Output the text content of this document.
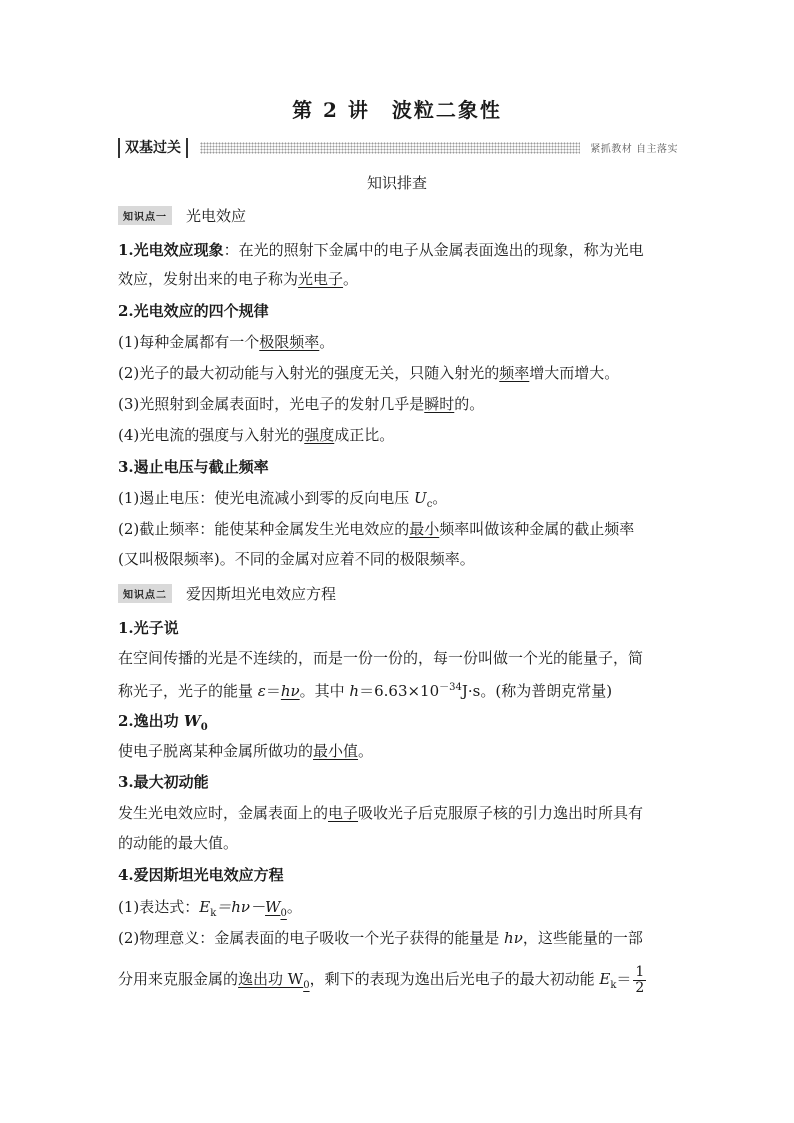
第 2 讲 波粒二象性
双基过关	紧抓教材 自主落实
知识排查
知识点一	光电效应
1.光电效应现象：在光的照射下金属中的电子从金属表面逸出的现象，称为光电
效应，发射出来的电子称为光电子。
2.光电效应的四个规律
(1)每种金属都有一个极限频率。
(2)光子的最大初动能与入射光的强度无关，只随入射光的频率增大而增大。
(3)光照射到金属表面时，光电子的发射几乎是瞬时的。
(4)光电流的强度与入射光的强度成正比。
3.遏止电压与截止频率
(1)遏止电压：使光电流减小到零的反向电压 $U_c$。
(2)截止频率：能使某种金属发生光电效应的最小频率叫做该种金属的截止频率
(又叫极限频率)。不同的金属对应着不同的极限频率。
知识点二	爱因斯坦光电效应方程
1.光子说
在空间传播的光是不连续的，而是一份一份的，每一份叫做一个光的能量子，简
称光子，光子的能量 ε＝hν。其中 $h=6.63\times 10^{-34}J\cdot s$。(称为普朗克常量)
2.逸出功 $W_0$
使电子脱离某种金属所做功的最小值。
3.最大初动能
发生光电效应时，金属表面上的电子吸收光子后克服原子核的引力逸出时所具有
的动能的最大值。
4.爱因斯坦光电效应方程
(1)表达式：$E_k=h\nu-W_0$。
(2)物理意义：金属表面的电子吸收一个光子获得的能量是 hν，这些能量的一部
分用来克服金属的逸出功 $W_0$，剩下的表现为逸出后光电子的最大初动能 $E_k= \frac{1}{2}$
